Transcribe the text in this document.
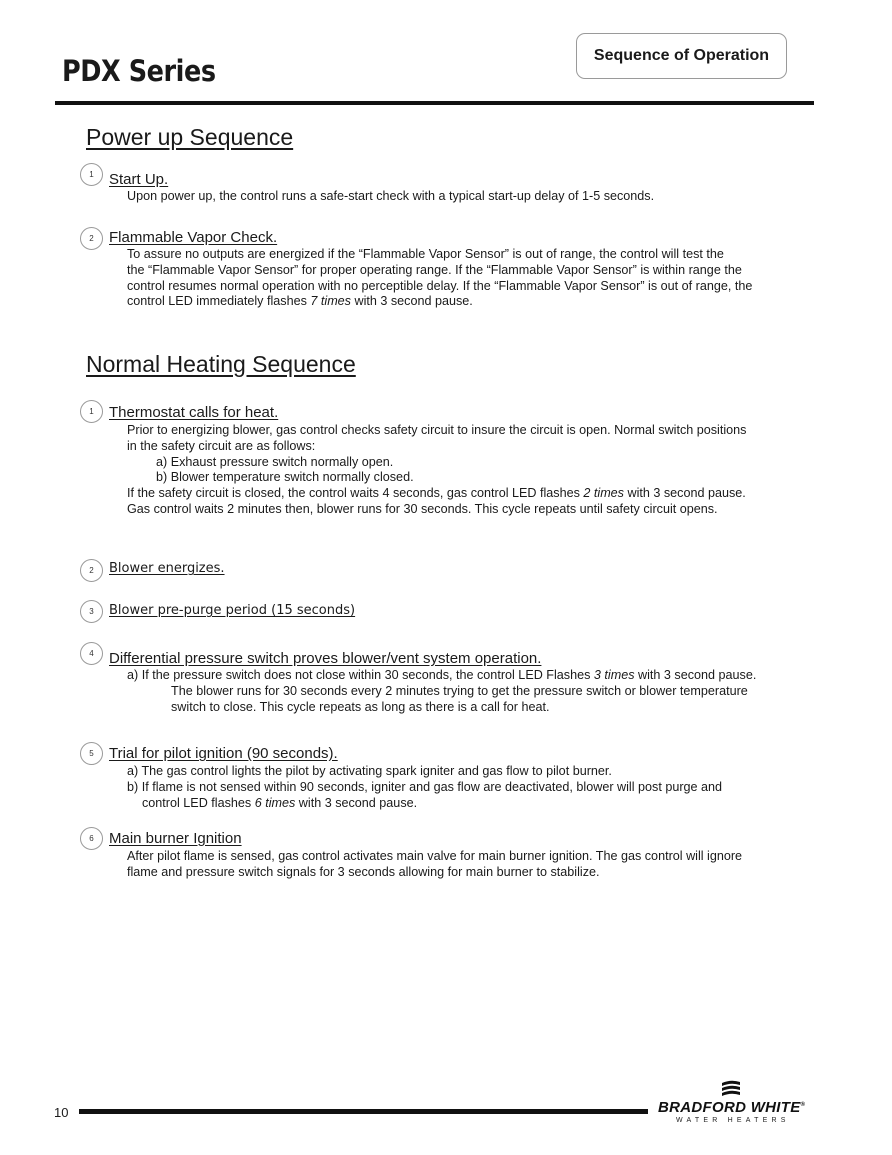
PDX Series	Sequence of Operation
Power up Sequence
1	Start Up.
Upon power up, the control runs a safe-start check with a typical start-up delay of 1-5 seconds.
2	Flammable Vapor Check.
To assure no outputs are energized if the “Flammable Vapor Sensor” is out of range, the control will test the
the “Flammable Vapor Sensor” for proper operating range. If the “Flammable Vapor Sensor” is within range the
control resumes normal operation with no perceptible delay. If the “Flammable Vapor Sensor” is out of range, the
control LED immediately flashes 7 times with 3 second pause.
Normal Heating Sequence
1	Thermostat calls for heat.
Prior to energizing blower, gas control checks safety circuit to insure the circuit is open. Normal switch positions
in the safety circuit are as follows:
a) Exhaust pressure switch normally open.
b) Blower temperature switch normally closed.
If the safety circuit is closed, the control waits 4 seconds, gas control LED flashes 2 times with 3 second pause.
Gas control waits 2 minutes then, blower runs for 30 seconds. This cycle repeats until safety circuit opens.
2	Blower energizes.
3	Blower pre-purge period (15 seconds)
4	Differential pressure switch proves blower/vent system operation.
a) If the pressure switch does not close within 30 seconds, the control LED Flashes 3 times with 3 second pause.
The blower runs for 30 seconds every 2 minutes trying to get the pressure switch or blower temperature
switch to close. This cycle repeats as long as there is a call for heat.
5	Trial for pilot ignition (90 seconds).
a) The gas control lights the pilot by activating spark igniter and gas flow to pilot burner.
b) If flame is not sensed within 90 seconds, igniter and gas flow are deactivated, blower will post purge and
control LED flashes 6 times with 3 second pause.
6	Main burner Ignition
After pilot flame is sensed, gas control activates main valve for main burner ignition. The gas control will ignore
flame and pressure switch signals for 3 seconds allowing for main burner to stabilize.
10	BRADFORD WHITE®
WATER HEATERS
